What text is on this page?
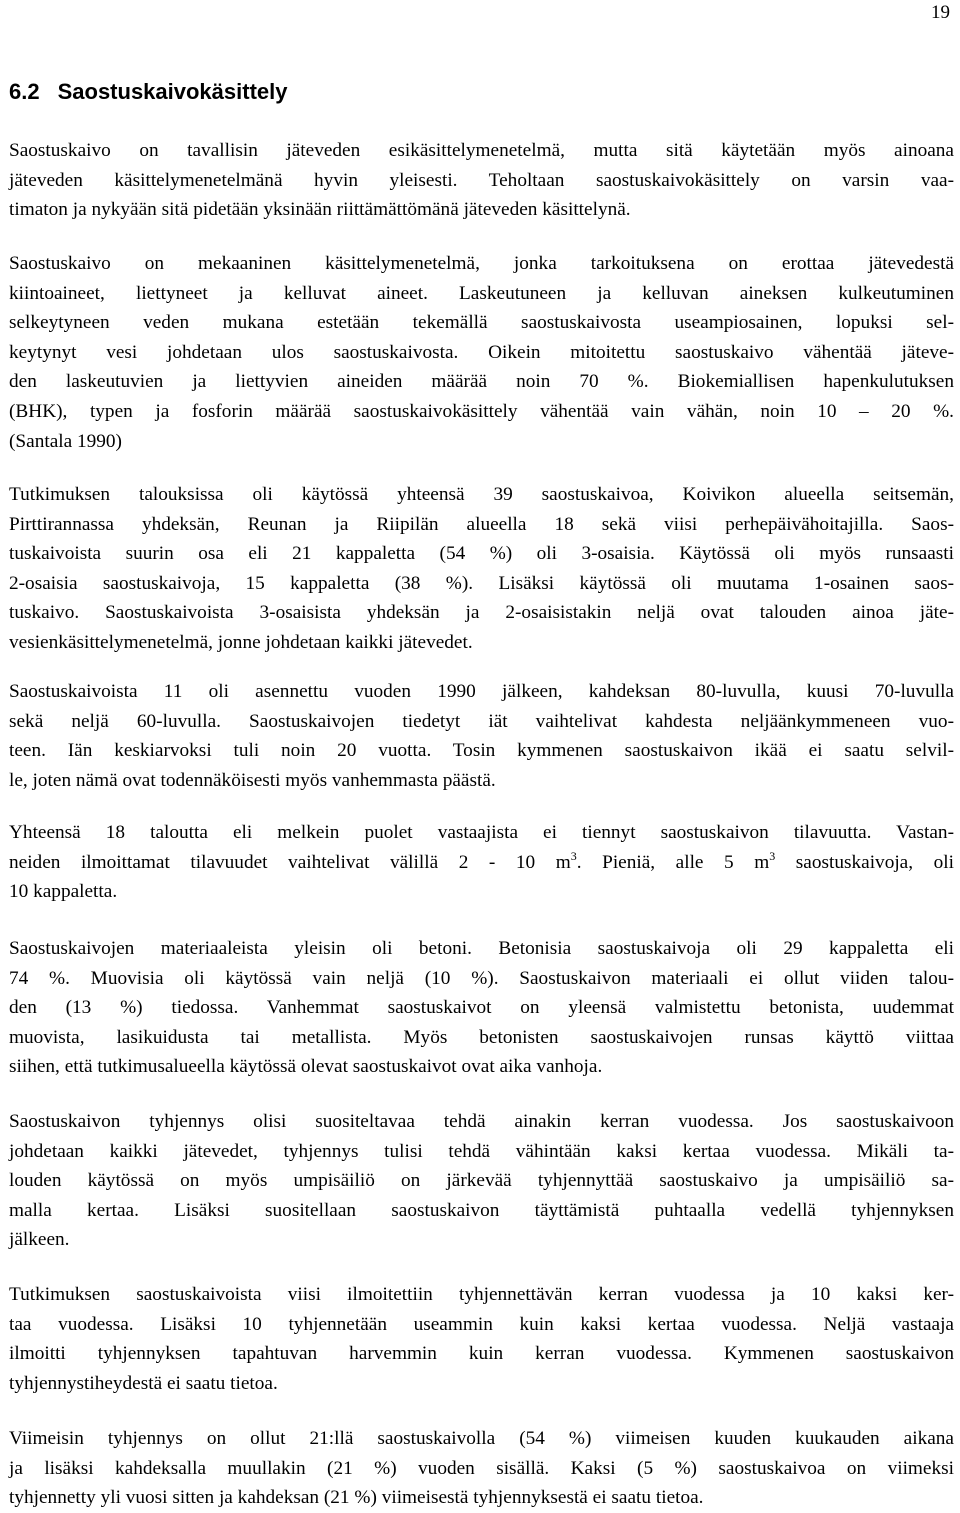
19
6.2 Saostuskaivokäsittely

Saostuskaivo on tavallisin jäteveden esikäsittelymenetelmä, mutta sitä käytetään myös ainoana
jäteveden käsittelymenetelmänä hyvin yleisesti. Teholtaan saostuskaivokäsittely on varsin vaa-
timaton ja nykyään sitä pidetään yksinään riittämättömänä jäteveden käsittelynä.

Saostuskaivo on mekaaninen käsittelymenetelmä, jonka tarkoituksena on erottaa jätevedestä
kiintoaineet, liettyneet ja kelluvat aineet. Laskeutuneen ja kelluvan aineksen kulkeutuminen
selkeytyneen veden mukana estetään tekemällä saostuskaivosta useampiosainen, lopuksi sel-
keytynyt vesi johdetaan ulos saostuskaivosta. Oikein mitoitettu saostuskaivo vähentää jäteve-
den laskeutuvien ja liettyvien aineiden määrää noin 70 %. Biokemiallisen hapenkulutuksen
(BHK), typen ja fosforin määrää saostuskaivokäsittely vähentää vain vähän, noin 10 – 20 %.
(Santala 1990)

Tutkimuksen talouksissa oli käytössä yhteensä 39 saostuskaivoa, Koivikon alueella seitsemän,
Pirttirannassa yhdeksän, Reunan ja Riipilän alueella 18 sekä viisi perhepäivähoitajilla. Saos-
tuskaivoista suurin osa eli 21 kappaletta (54 %) oli 3-osaisia. Käytössä oli myös runsaasti
2-osaisia saostuskaivoja, 15 kappaletta (38 %). Lisäksi käytössä oli muutama 1-osainen saos-
tuskaivo. Saostuskaivoista 3-osaisista yhdeksän ja 2-osaisistakin neljä ovat talouden ainoa jäte-
vesienkäsittelymenetelmä, jonne johdetaan kaikki jätevedet.

Saostuskaivoista 11 oli asennettu vuoden 1990 jälkeen, kahdeksan 80-luvulla, kuusi 70-luvulla
sekä neljä 60-luvulla. Saostuskaivojen tiedetyt iät vaihtelivat kahdesta neljäänkymmeneen vuo-
teen. Iän keskiarvoksi tuli noin 20 vuotta. Tosin kymmenen saostuskaivon ikää ei saatu selvil-
le, joten nämä ovat todennäköisesti myös vanhemmasta päästä.

Yhteensä 18 taloutta eli melkein puolet vastaajista ei tiennyt saostuskaivon tilavuutta. Vastan-
neiden ilmoittamat tilavuudet vaihtelivat välillä 2 - 10 $m^3$. Pieniä, alle 5 $m^3$ saostuskaivoja, oli
10 kappaletta.

Saostuskaivojen materiaaleista yleisin oli betoni. Betonisia saostuskaivoja oli 29 kappaletta eli
74 %. Muovisia oli käytössä vain neljä (10 %). Saostuskaivon materiaali ei ollut viiden talou-
den (13 %) tiedossa. Vanhemmat saostuskaivot on yleensä valmistettu betonista, uudemmat
muovista, lasikuidusta tai metallista. Myös betonisten saostuskaivojen runsas käyttö viittaa
siihen, että tutkimusalueella käytössä olevat saostuskaivot ovat aika vanhoja.

Saostuskaivon tyhjennys olisi suositeltavaa tehdä ainakin kerran vuodessa. Jos saostuskaivoon
johdetaan kaikki jätevedet, tyhjennys tulisi tehdä vähintään kaksi kertaa vuodessa. Mikäli ta-
louden käytössä on myös umpisäiliö on järkevää tyhjennyttää saostuskaivo ja umpisäiliö sa-
malla kertaa. Lisäksi suositellaan saostuskaivon täyttämistä puhtaalla vedellä tyhjennyksen
jälkeen.

Tutkimuksen saostuskaivoista viisi ilmoitettiin tyhjennettävän kerran vuodessa ja 10 kaksi ker-
taa vuodessa. Lisäksi 10 tyhjennetään useammin kuin kaksi kertaa vuodessa. Neljä vastaaja
ilmoitti tyhjennyksen tapahtuvan harvemmin kuin kerran vuodessa. Kymmenen saostuskaivon
tyhjennystiheydestä ei saatu tietoa.

Viimeisin tyhjennys on ollut 21:llä saostuskaivolla (54 %) viimeisen kuuden kuukauden aikana
ja lisäksi kahdeksalla muullakin (21 %) vuoden sisällä. Kaksi (5 %) saostuskaivoa on viimeksi
tyhjennetty yli vuosi sitten ja kahdeksan (21 %) viimeisestä tyhjennyksestä ei saatu tietoa.
